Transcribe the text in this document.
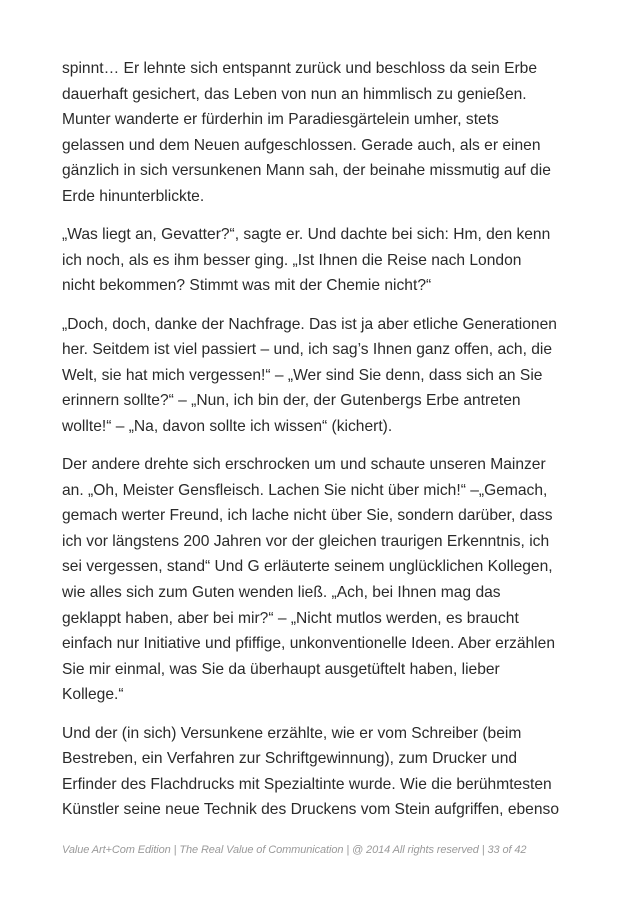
spinnt… Er lehnte sich entspannt zurück und beschloss da sein Erbe
dauerhaft gesichert, das Leben von nun an himmlisch zu genießen.
Munter wanderte er fürderhin im Paradiesgärtelein umher, stets
gelassen und dem Neuen aufgeschlossen. Gerade auch, als er einen
gänzlich in sich versunkenen Mann sah, der beinahe missmutig auf die
Erde hinunterblickte.

„Was liegt an, Gevatter?“, sagte er. Und dachte bei sich: Hm, den kenn
ich noch, als es ihm besser ging. „Ist Ihnen die Reise nach London
nicht bekommen? Stimmt was mit der Chemie nicht?“

„Doch, doch, danke der Nachfrage. Das ist ja aber etliche Generationen
her. Seitdem ist viel passiert – und, ich sag’s Ihnen ganz offen, ach, die
Welt, sie hat mich vergessen!“ – „Wer sind Sie denn, dass sich an Sie
erinnern sollte?“ – „Nun, ich bin der, der Gutenbergs Erbe antreten
wollte!“ – „Na, davon sollte ich wissen“ (kichert).

Der andere drehte sich erschrocken um und schaute unseren Mainzer
an. „Oh, Meister Gensfleisch. Lachen Sie nicht über mich!“ –„Gemach,
gemach werter Freund, ich lache nicht über Sie, sondern darüber, dass
ich vor längstens 200 Jahren vor der gleichen traurigen Erkenntnis, ich
sei vergessen, stand“ Und G erläuterte seinem unglücklichen Kollegen,
wie alles sich zum Guten wenden ließ. „Ach, bei Ihnen mag das
geklappt haben, aber bei mir?“ – „Nicht mutlos werden, es braucht
einfach nur Initiative und pfiffige, unkonventionelle Ideen. Aber erzählen
Sie mir einmal, was Sie da überhaupt ausgetüftelt haben, lieber
Kollege.“

Und der (in sich) Versunkene erzählte, wie er vom Schreiber (beim
Bestreben, ein Verfahren zur Schriftgewinnung), zum Drucker und
Erfinder des Flachdrucks mit Spezialtinte wurde. Wie die berühmtesten
Künstler seine neue Technik des Druckens vom Stein aufgriffen, ebenso

Value Art+Com Edition | The Real Value of Communication | @ 2014 All rights reserved | 33 of 42
